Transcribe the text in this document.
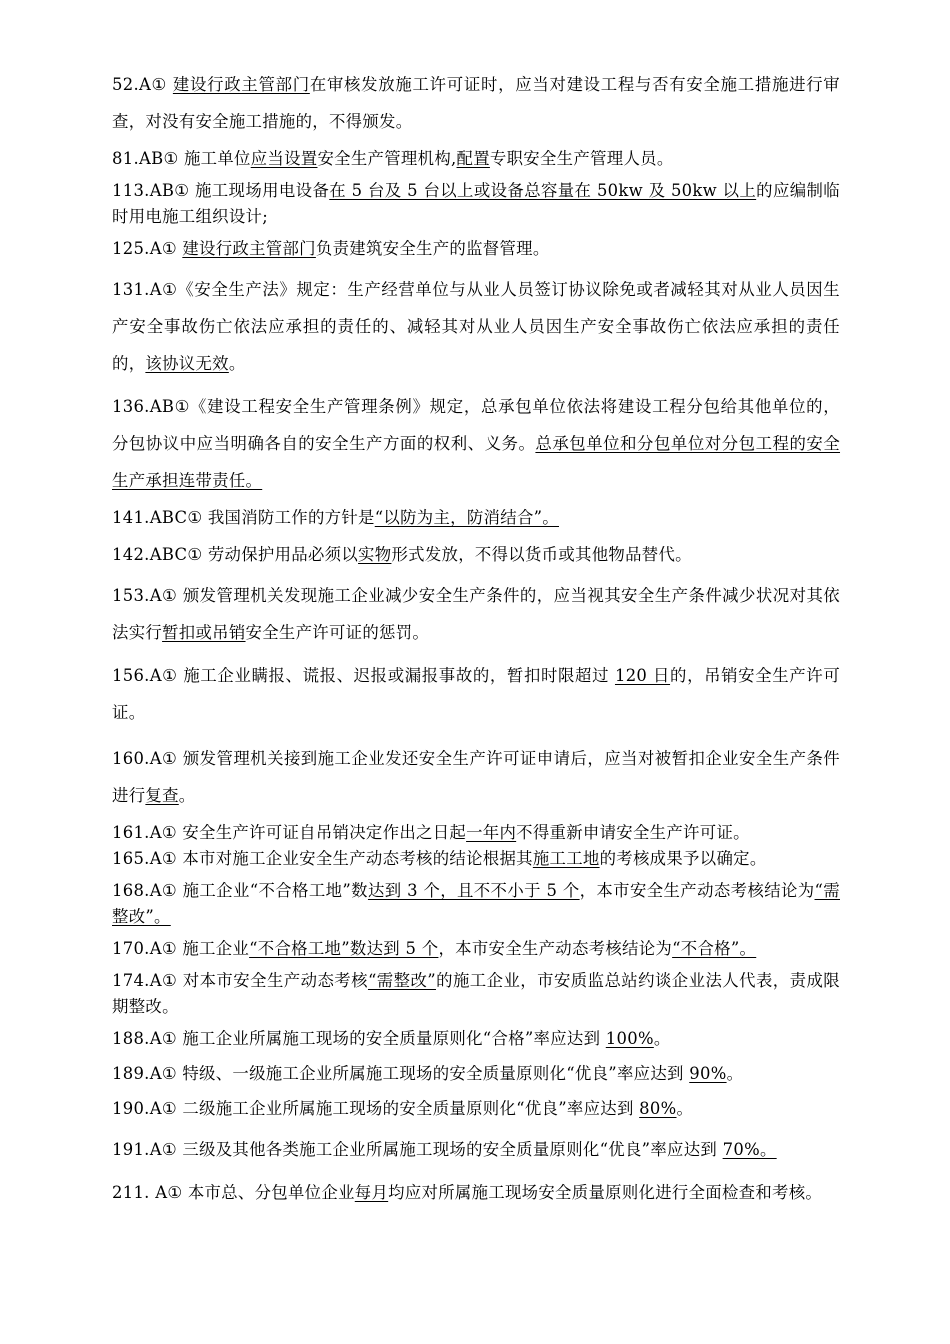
52.A① 建设行政主管部门在审核发放施工许可证时，应当对建设工程与否有安全施工措施进行审查，对没有安全施工措施的，不得颁发。

81.AB① 施工单位应当设置安全生产管理机构,配置专职安全生产管理人员。

113.AB① 施工现场用电设备在 5 台及 5 台以上或设备总容量在 50kw 及 50kw 以上的应编制临时用电施工组织设计;

125.A① 建设行政主管部门负责建筑安全生产的监督管理。

131.A①《安全生产法》规定：生产经营单位与从业人员签订协议除免或者减轻其对从业人员因生产安全事故伤亡依法应承担的责任的、减轻其对从业人员因生产安全事故伤亡依法应承担的责任的，该协议无效。

136.AB①《建设工程安全生产管理条例》规定，总承包单位依法将建设工程分包给其他单位的，分包协议中应当明确各自的安全生产方面的权利、义务。总承包单位和分包单位对分包工程的安全生产承担连带责任。

141.ABC① 我国消防工作的方针是“以防为主，防消结合”。

142.ABC① 劳动保护用品必须以实物形式发放，不得以货币或其他物品替代。

153.A① 颁发管理机关发现施工企业减少安全生产条件的，应当视其安全生产条件减少状况对其依法实行暂扣或吊销安全生产许可证的惩罚。

156.A① 施工企业瞒报、谎报、迟报或漏报事故的，暂扣时限超过 120 日的，吊销安全生产许可证。

160.A① 颁发管理机关接到施工企业发还安全生产许可证申请后，应当对被暂扣企业安全生产条件进行复查。

161.A① 安全生产许可证自吊销决定作出之日起一年内不得重新申请安全生产许可证。

165.A① 本市对施工企业安全生产动态考核的结论根据其施工工地的考核成果予以确定。

168.A① 施工企业“不合格工地”数达到 3 个，且不不小于 5 个，本市安全生产动态考核结论为“需整改”。

170.A① 施工企业“不合格工地”数达到 5 个，本市安全生产动态考核结论为“不合格”。

174.A① 对本市安全生产动态考核“需整改”的施工企业，市安质监总站约谈企业法人代表，责成限期整改。

188.A① 施工企业所属施工现场的安全质量原则化“合格”率应达到 100%。

189.A① 特级、一级施工企业所属施工现场的安全质量原则化“优良”率应达到 90%。

190.A① 二级施工企业所属施工现场的安全质量原则化“优良”率应达到 80%。

191.A① 三级及其他各类施工企业所属施工现场的安全质量原则化“优良”率应达到 70%。

211. A① 本市总、分包单位企业每月均应对所属施工现场安全质量原则化进行全面检查和考核。
